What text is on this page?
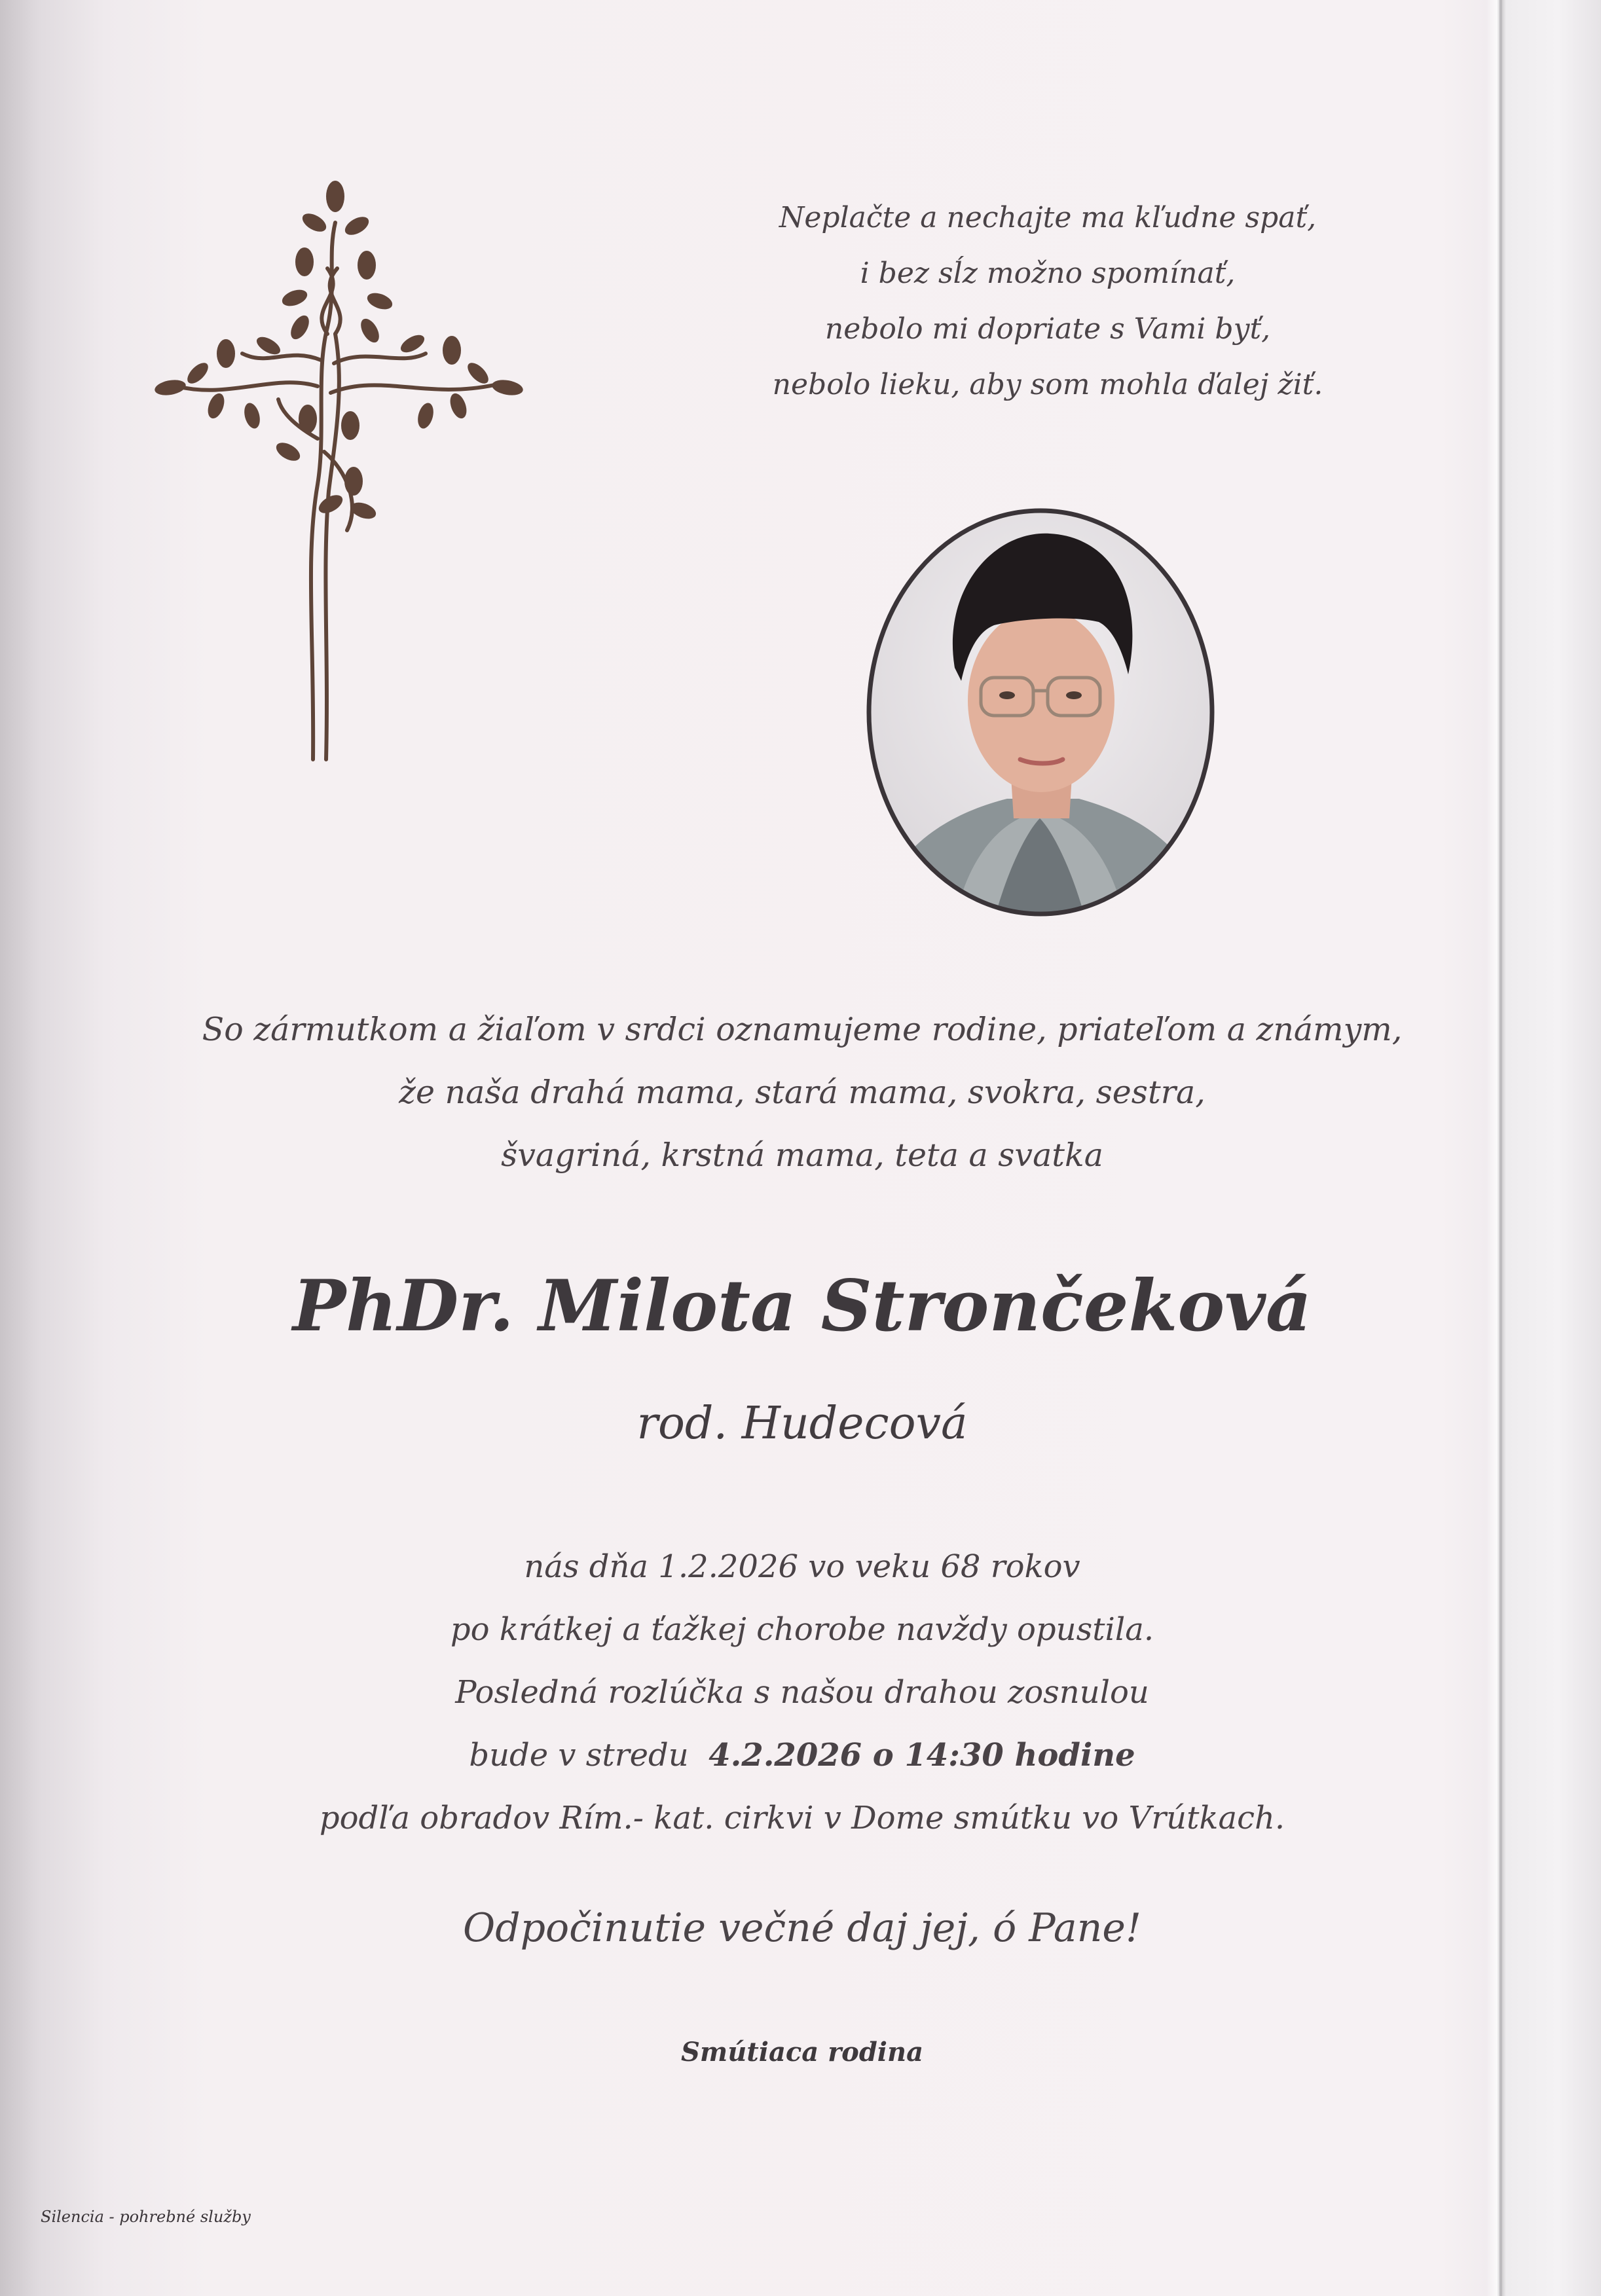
Neplačte a nechajte ma kľudne spať,
i bez sĺz možno spomínať,
nebolo mi dopriate s Vami byť,
nebolo lieku, aby som mohla ďalej žiť.
So zármutkom a žiaľom v srdci oznamujeme rodine, priateľom a známym,
že naša drahá mama, stará mama, svokra, sestra,
švagriná, krstná mama, teta a svatka
PhDr. Milota Strončeková
rod. Hudecová
nás dňa 1.2.2026 vo veku 68 rokov
po krátkej a ťažkej chorobe navždy opustila.
Posledná rozlúčka s našou drahou zosnulou
bude v stredu 4.2.2026 o 14:30 hodine
podľa obradov Rím.- kat. cirkvi v Dome smútku vo Vrútkach.
Odpočinutie večné daj jej, ó Pane!
Smútiaca rodina
Silencia - pohrebné služby
